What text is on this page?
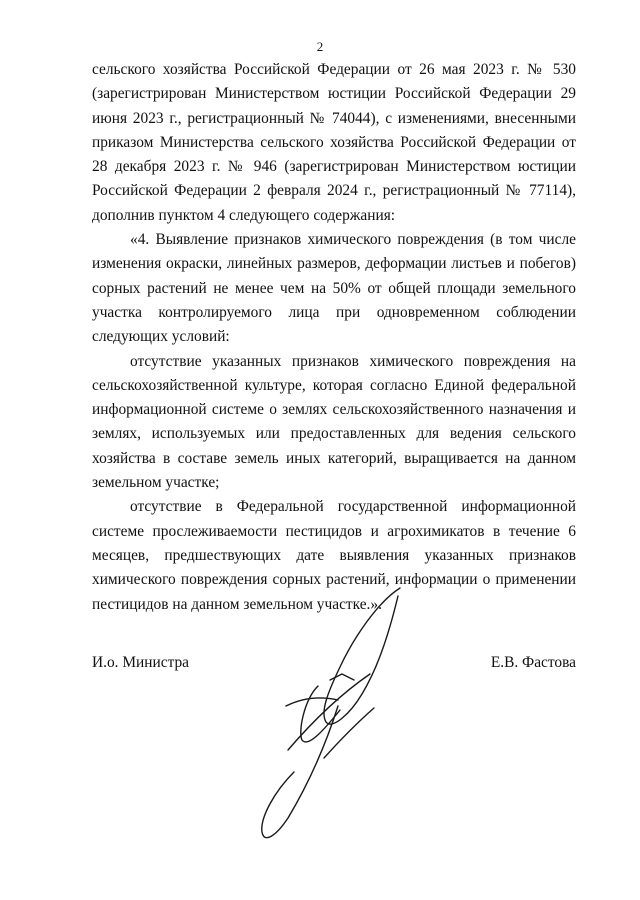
2

сельского хозяйства Российской Федерации от 26 мая 2023 г. № 530 (зарегистрирован Министерством юстиции Российской Федерации 29 июня 2023 г., регистрационный № 74044), с изменениями, внесенными приказом Министерства сельского хозяйства Российской Федерации от 28 декабря 2023 г. № 946 (зарегистрирован Министерством юстиции Российской Федерации 2 февраля 2024 г., регистрационный № 77114), дополнив пунктом 4 следующего содержания:

«4. Выявление признаков химического повреждения (в том числе изменения окраски, линейных размеров, деформации листьев и побегов) сорных растений не менее чем на 50% от общей площади земельного участка контролируемого лица при одновременном соблюдении следующих условий:

отсутствие указанных признаков химического повреждения на сельскохозяйственной культуре, которая согласно Единой федеральной информационной системе о землях сельскохозяйственного назначения и землях, используемых или предоставленных для ведения сельского хозяйства в составе земель иных категорий, выращивается на данном земельном участке;

отсутствие в Федеральной государственной информационной системе прослеживаемости пестицидов и агрохимикатов в течение 6 месяцев, предшествующих дате выявления указанных признаков химического повреждения сорных растений, информации о применении пестицидов на данном земельном участке.».

И.о. Министра	Е.В. Фастова
